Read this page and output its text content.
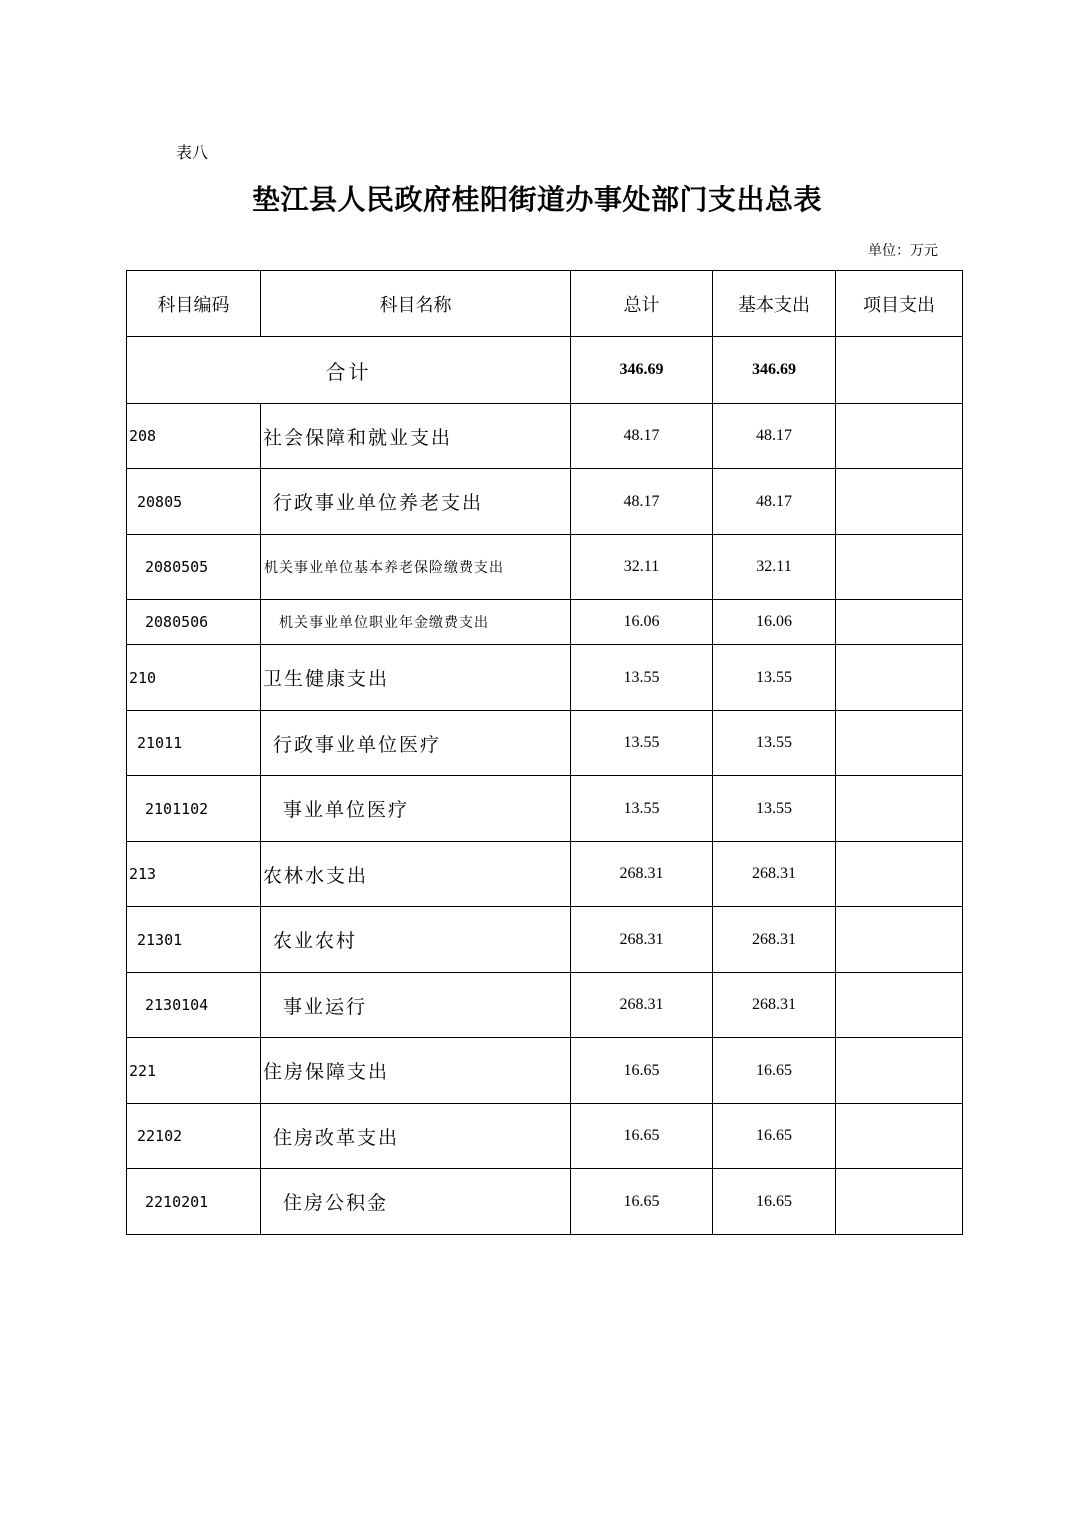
表八
垫江县人民政府桂阳街道办事处部门支出总表
单位：万元
科目编码	科目名称	总计	基本支出	项目支出
合计		346.69	346.69	
208	社会保障和就业支出	48.17	48.17	
20805	行政事业单位养老支出	48.17	48.17	
2080505	机关事业单位基本养老保险缴费支出	32.11	32.11	
2080506	机关事业单位职业年金缴费支出	16.06	16.06	
210	卫生健康支出	13.55	13.55	
21011	行政事业单位医疗	13.55	13.55	
2101102	事业单位医疗	13.55	13.55	
213	农林水支出	268.31	268.31	
21301	农业农村	268.31	268.31	
2130104	事业运行	268.31	268.31	
221	住房保障支出	16.65	16.65	
22102	住房改革支出	16.65	16.65	
2210201	住房公积金	16.65	16.65	
